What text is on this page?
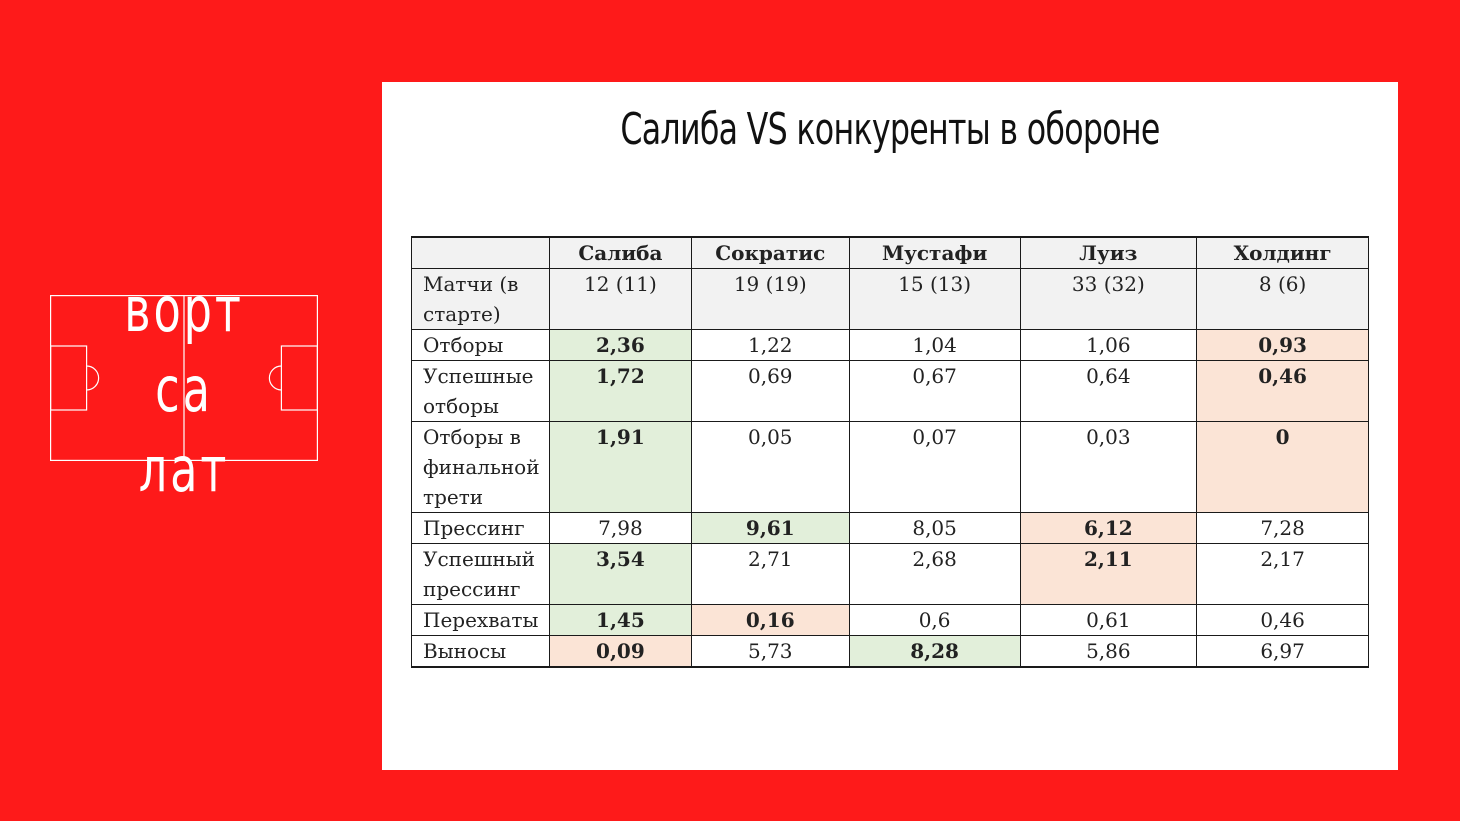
ворт
са
лат
Салиба VS конкуренты в обороне
	Салиба	Сократис	Мустафи	Луиз	Холдинг
Матчи (в старте)	12 (11)	19 (19)	15 (13)	33 (32)	8 (6)
Отборы	2,36	1,22	1,04	1,06	0,93
Успешные отборы	1,72	0,69	0,67	0,64	0,46
Отборы в финальной трети	1,91	0,05	0,07	0,03	0
Прессинг	7,98	9,61	8,05	6,12	7,28
Успешный прессинг	3,54	2,71	2,68	2,11	2,17
Перехваты	1,45	0,16	0,6	0,61	0,46
Выносы	0,09	5,73	8,28	5,86	6,97
